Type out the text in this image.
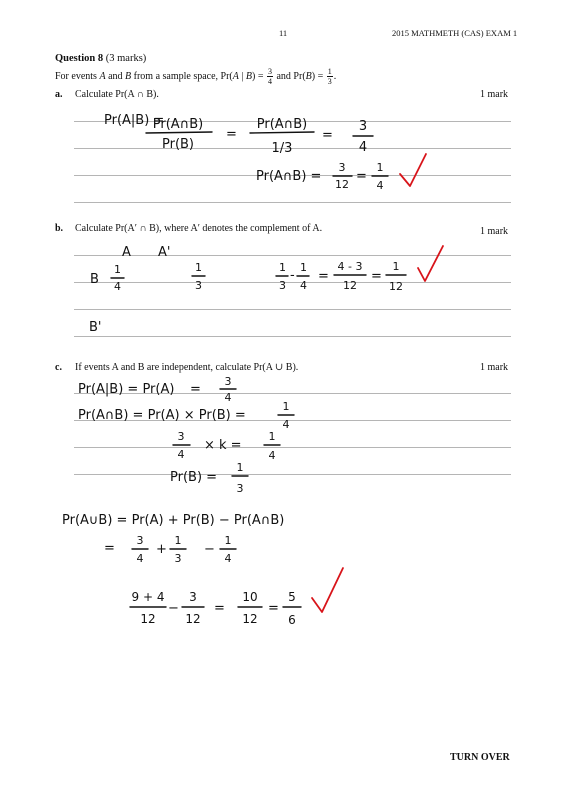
11	2015 MATHMETH (CAS) EXAM 1
Question 8 (3 marks)
For events A and B from a sample space, Pr(A | $B) = \frac{3}{4}$ and $Pr(B) = \frac{1}{3}$ .
a. Calculate Pr(A ∩ B).	1 mark
b. Calculate Pr(A′ ∩ B), where A′ denotes the complement of A.	1 mark
c. If events A and B are independent, calculate Pr(A ∪ B).	1 mark
Pr(A|B) =
Pr(A∩B)
Pr(B)
=
Pr(A∩B)
1/3
=
3
4
Pr(A∩B) =
3
12
=
1
4
A A'
B
1
4
1
3
B'
1
3
-
1
4
=
4 - 3
12
=
1
12
Pr(A|B) = Pr(A) =
3
4
Pr(A∩B) = Pr(A) × Pr(B) =
1
4
3
4
× k =
1
4
Pr(B) =
1
3
Pr(A∪B) = Pr(A) + Pr(B) − Pr(A∩B)
=
3
4
+
1
3
−
1
4
9 + 4
12
−
3
12
=
10
12
=
5
6
TURN OVER
